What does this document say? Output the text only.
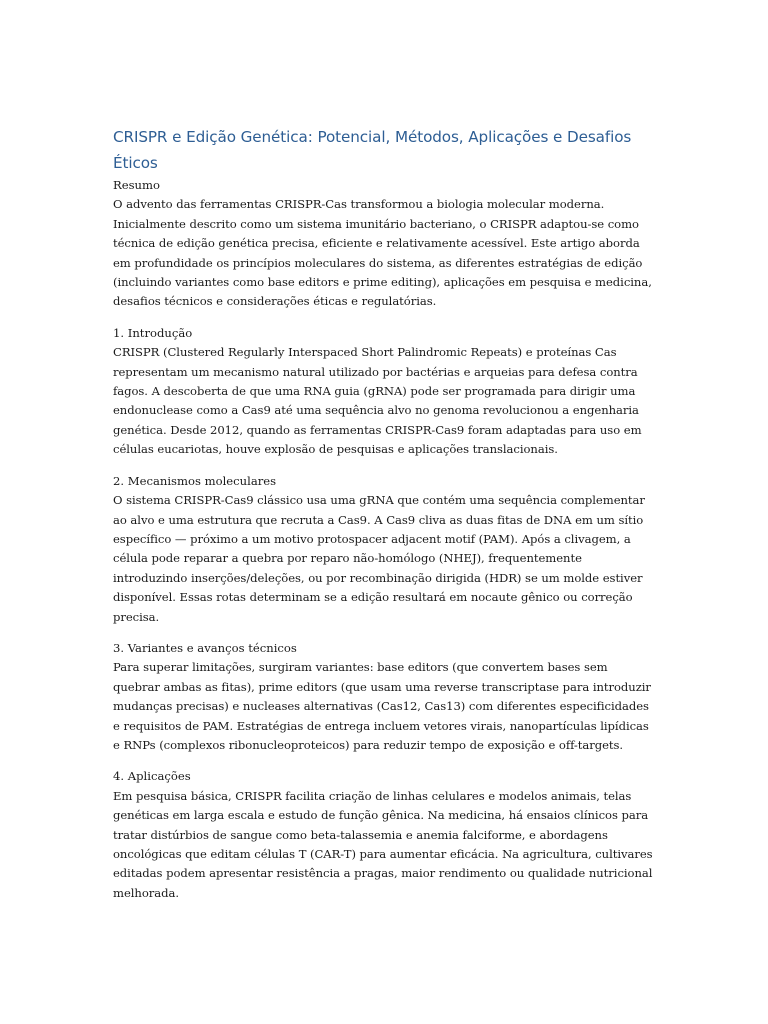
CRISPR e Edição Genética: Potencial, Métodos, Aplicações e Desafios Éticos
Resumo
O advento das ferramentas CRISPR-Cas transformou a biologia molecular moderna. Inicialmente descrito como um sistema imunitário bacteriano, o CRISPR adaptou-se como técnica de edição genética precisa, eficiente e relativamente acessível. Este artigo aborda em profundidade os princípios moleculares do sistema, as diferentes estratégias de edição (incluindo variantes como base editors e prime editing), aplicações em pesquisa e medicina, desafios técnicos e considerações éticas e regulatórias.
1. Introdução
CRISPR (Clustered Regularly Interspaced Short Palindromic Repeats) e proteínas Cas representam um mecanismo natural utilizado por bactérias e arqueias para defesa contra fagos. A descoberta de que uma RNA guia (gRNA) pode ser programada para dirigir uma endonuclease como a Cas9 até uma sequência alvo no genoma revolucionou a engenharia genética. Desde 2012, quando as ferramentas CRISPR-Cas9 foram adaptadas para uso em células eucariotas, houve explosão de pesquisas e aplicações translacionais.
2. Mecanismos moleculares
O sistema CRISPR-Cas9 clássico usa uma gRNA que contém uma sequência complementar ao alvo e uma estrutura que recruta a Cas9. A Cas9 cliva as duas fitas de DNA em um sítio específico — próximo a um motivo protospacer adjacent motif (PAM). Após a clivagem, a célula pode reparar a quebra por reparo não-homólogo (NHEJ), frequentemente introduzindo inserções/deleções, ou por recombinação dirigida (HDR) se um molde estiver disponível. Essas rotas determinam se a edição resultará em nocaute gênico ou correção precisa.
3. Variantes e avanços técnicos
Para superar limitações, surgiram variantes: base editors (que convertem bases sem quebrar ambas as fitas), prime editors (que usam uma reverse transcriptase para introduzir mudanças precisas) e nucleases alternativas (Cas12, Cas13) com diferentes especificidades e requisitos de PAM. Estratégias de entrega incluem vetores virais, nanopartículas lipídicas e RNPs (complexos ribonucleoproteicos) para reduzir tempo de exposição e off-targets.
4. Aplicações
Em pesquisa básica, CRISPR facilita criação de linhas celulares e modelos animais, telas genéticas em larga escala e estudo de função gênica. Na medicina, há ensaios clínicos para tratar distúrbios de sangue como beta-talassemia e anemia falciforme, e abordagens oncológicas que editam células T (CAR-T) para aumentar eficácia. Na agricultura, cultivares editadas podem apresentar resistência a pragas, maior rendimento ou qualidade nutricional melhorada.
